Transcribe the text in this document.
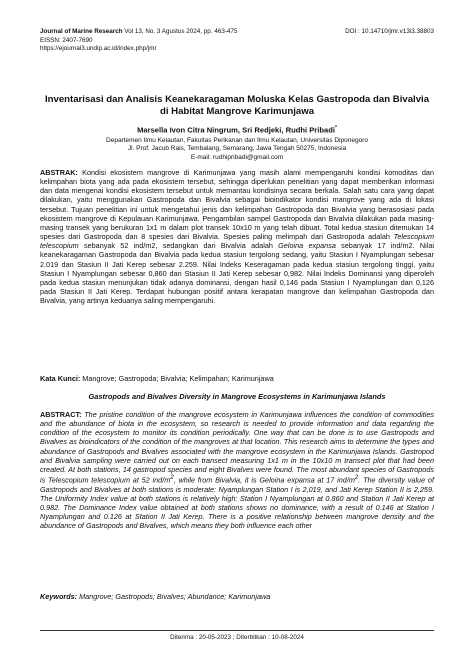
Journal of Marine Research Vol 13, No. 3 Agustus 2024, pp. 463-475
EISSN: 2407-7690
https://ejournal3.undip.ac.id/index.php/jmr
DOI : 10.14710/jmr.v13i3.38803
Inventarisasi dan Analisis Keanekaragaman Moluska Kelas Gastropoda dan Bivalvia di Habitat Mangrove Karimunjawa
Marsella Ivon Citra Ningrum, Sri Redjeki, Rudhi Pribadi*
Departemen Ilmu Kelautan, Fakultas Perikanan dan Ilmu Kelautan, Universitas Diponegoro
Jl. Prof. Jacub Rais, Tembalang, Semarang, Jawa Tengah 50275, Indonesia
E-mail: rudhipribadi@gmail.com
ABSTRAK: Kondisi ekosistem mangrove di Karimunjawa yang masih alami mempengaruhi kondisi komoditas dan kelimpahan biota yang ada pada ekosistem tersebut, sehingga diperlukan penelitian yang dapat memberikan informasi dan data mengenai kondisi ekosistem tersebut untuk memantau kondisinya secara berkala. Salah satu cara yang dapat dilakukan, yaitu menggunakan Gastropoda dan Bivalvia sebagai bioindikator kondisi mangrove yang ada di lokasi tersebut. Tujuan penelitian ini untuk mengetahui jenis dan kelimpahan Gastropoda dan Bivalvia yang berasosiasi pada ekosistem mangrove di Kepulauan Karimunjawa. Pengambilan sampel Gastropoda dan Bivalvia dilakukan pada masing-masing transek yang berukuran 1x1 m dalam plot transek 10x10 m yang telah dibuat. Total kedua stasiun ditemukan 14 spesies dari Gastropoda dan 8 spesies dari Bivalvia. Spesies paling melimpah dari Gastropoda adalah Telescopium telescopium sebanyak 52 ind/m2, sedangkan dari Bivalvia adalah Geloina expansa sebanyak 17 ind/m2. Nilai keanekaragaman Gastropoda dan Bivalvia pada kedua stasiun tergolong sedang, yaitu Stasiun I Nyamplungan sebesar 2.019 dan Stasiun II Jati Kerep sebesar 2.259. Nilai Indeks Keseragaman pada kedua stasiun tergolong tinggi, yaitu Stasiun I Nyamplungan sebesar 0,860 dan Stasiun II Jati Kerep sebesar 0,982. Nilai Indeks Dominansi yang diperoleh pada kedua stasiun menunjukan tidak adanya dominansi, dengan hasil 0,146 pada Stasiun I Nyamplungan dan 0,126 pada Stasiun II Jati Kerep. Terdapat hubungan positif antara kerapatan mangrove dan kelimpahan Gastropoda dan Bivalvia, yang artinya keduanya saling mempengaruhi.
Kata Kunci: Mangrove; Gastropoda; Bivalvia; Kelimpahan; Karimunjawa
Gastropods and Bivalves Diversity in Mangrove Ecosystems in Karimunjawa Islands
ABSTRACT: The pristine condition of the mangrove ecosystem in Karimunjawa influences the condition of commodities and the abundance of biota in the ecosystem, so research is needed to provide information and data regarding the condition of the ecosystem to monitor its condition periodically. One way that can be done is to use Gastropods and Bivalves as bioindicators of the condition of the mangroves at that location. This research aims to determine the types and abundance of Gastropods and Bivalves associated with the mangrove ecosystem in the Karimunjawa Islands. Gastropod and Bivalvia sampling were carried out on each transect measuring 1x1 m in the 10x10 m transect plot that had been created. At both stations, 14 gastropod species and eight Bivalves were found. The most abundant species of Gastropods is Telescopium telescopium at 52 ind/$m^2$, while from Bivalvia, it is Geloina expansa at 17 ind/$m^2$. The diversity value of Gastropods and Bivalves at both stations is moderate: Nyamplungan Station I is 2,019, and Jati Kerep Station II is 2,259. The Uniformity Index value at both stations is relatively high: Station I Nyamplungan at 0.860 and Station II Jati Kerep at 0.982. The Dominance Index value obtained at both stations shows no dominance, with a result of 0.146 at Station I Nyamplungan and 0.126 at Station II Jati Kerep. There is a positive relationship between mangrove density and the abundance of Gastropods and Bivalves, which means they both influence each other
Keywords: Mangrove; Gastropods; Bivalves; Abundance; Karimunjawa
Diterima : 20-05-2023 ; Diterbitkan : 10-08-2024
